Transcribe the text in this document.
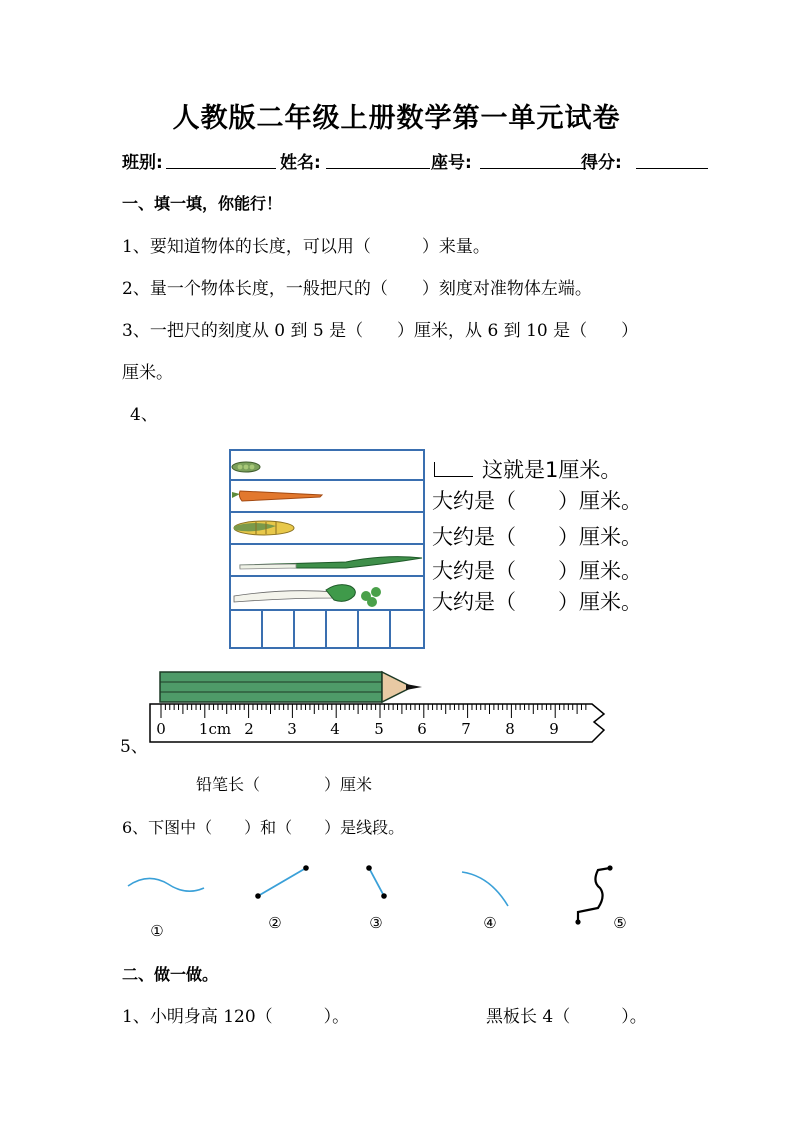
人教版二年级上册数学第一单元试卷
班别:	姓名:	座号:	得分:
一、填一填，你能行！
1、要知道物体的长度，可以用（　　　）来量。
2、量一个物体长度，一般把尺的（　　）刻度对准物体左端。
3、一把尺的刻度从 0 到 5 是（　　）厘米，从 6 到 10 是（　　）
厘米。
4、
这就是1厘米。
大约是（　　）厘米。
大约是（　　）厘米。
大约是（　　）厘米。
大约是（　　）厘米。
5、
0 1cm 2 3 4 5 6 7 8 9
铅笔长（　　　　）厘米
6、下图中（　　）和（　　）是线段。
①	②	③	④	⑤
二、做一做。
1、小明身高 120（　　　）。	黑板长 4（　　　）。
